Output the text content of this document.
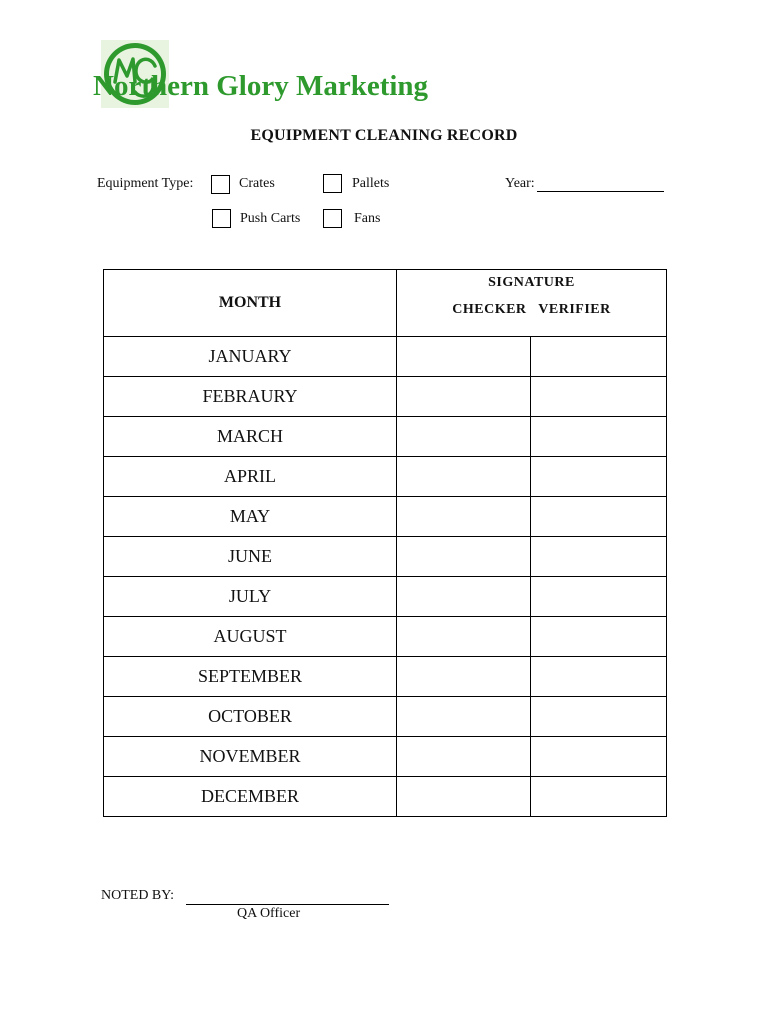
Northern Glory Marketing
EQUIPMENT CLEANING RECORD
Equipment Type:	Crates	Pallets	Year:
Push Carts	Fans
MONTH	SIGNATURE
CHECKER   VERIFIER	

JANUARY		
FEBRAURY		
MARCH		
APRIL		
MAY		
JUNE		
JULY		
AUGUST		
SEPTEMBER		
OCTOBER		
NOVEMBER		
DECEMBER		
NOTED BY:
QA Officer
